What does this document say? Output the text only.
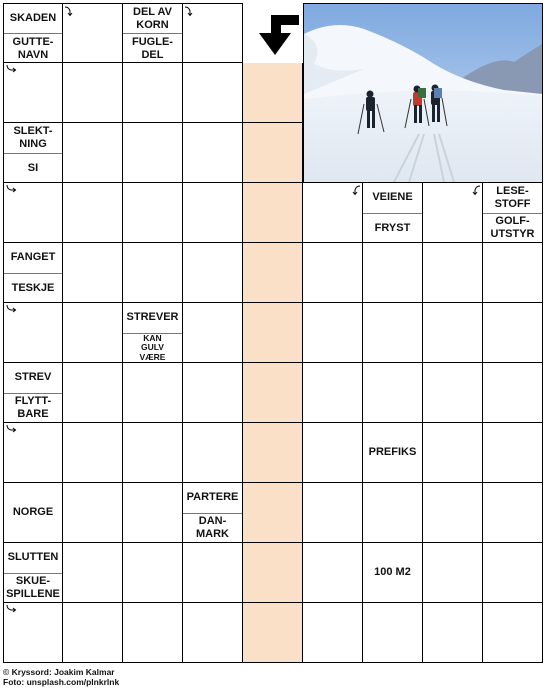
SKADEN
GUTTE-
NAVN
DEL AV
KORN
FUGLE-
DEL
SLEKT-
NING
SI
VEIENE
FRYST
LESE-
STOFF
GOLF-
UTSTYR
FANGET
TESKJE
STREVER
KAN
GULV
VÆRE
STREV
FLYTT-
BARE
PREFIKS
NORGE
PARTERE
DAN-
MARK
SLUTTEN
SKUE-
SPILLENE
100 M2
© Kryssord: Joakim Kalmar
Foto: unsplash.com/plnkrlnk
